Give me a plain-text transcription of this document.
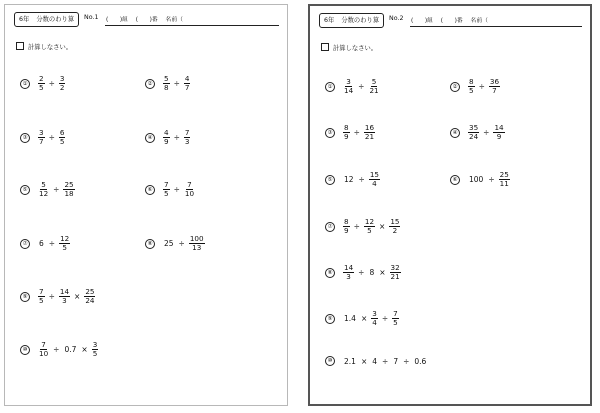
6年 分数のわり算	No.1 (　　)組 (　　)番 名前（
計算しなさい。
①	$\frac{2}{5} \div \frac{3}{2}$	②	$\frac{5}{8} \div \frac{4}{7}$
③	$\frac{3}{7} \div \frac{6}{5}$	④	$\frac{4}{9} \div \frac{7}{3}$
⑤	$\frac{5}{12} \div \frac{25}{18}$	⑥	$\frac{7}{5} \div \frac{7}{10}$
⑦	$6 \div \frac{12}{5}$	⑧	$25 \div \frac{100}{13}$
⑨	$\frac{7}{5} \div \frac{14}{3} \times \frac{25}{24}$
⑩	$\frac{7}{10} \div 0.7 \times \frac{3}{5}$
6年 分数のわり算	No.2 (　　)組 (　　)番 名前（
計算しなさい。
①	$\frac{3}{14} \div \frac{5}{21}$	②	$\frac{8}{5} \div \frac{36}{7}$
③	$\frac{8}{9} \div \frac{16}{21}$	④	$\frac{35}{24} \div \frac{14}{9}$
⑤	$12 \div \frac{15}{4}$	⑥	$100 \div \frac{25}{11}$
⑦	$\frac{8}{9} \div \frac{12}{5} \times \frac{15}{2}$
⑧	$\frac{14}{3} \div 8 \times \frac{32}{21}$
⑨	$1.4 \times \frac{3}{4} \div \frac{7}{5}$
⑩	2.1 × 4 ÷ 7 ÷ 0.6
